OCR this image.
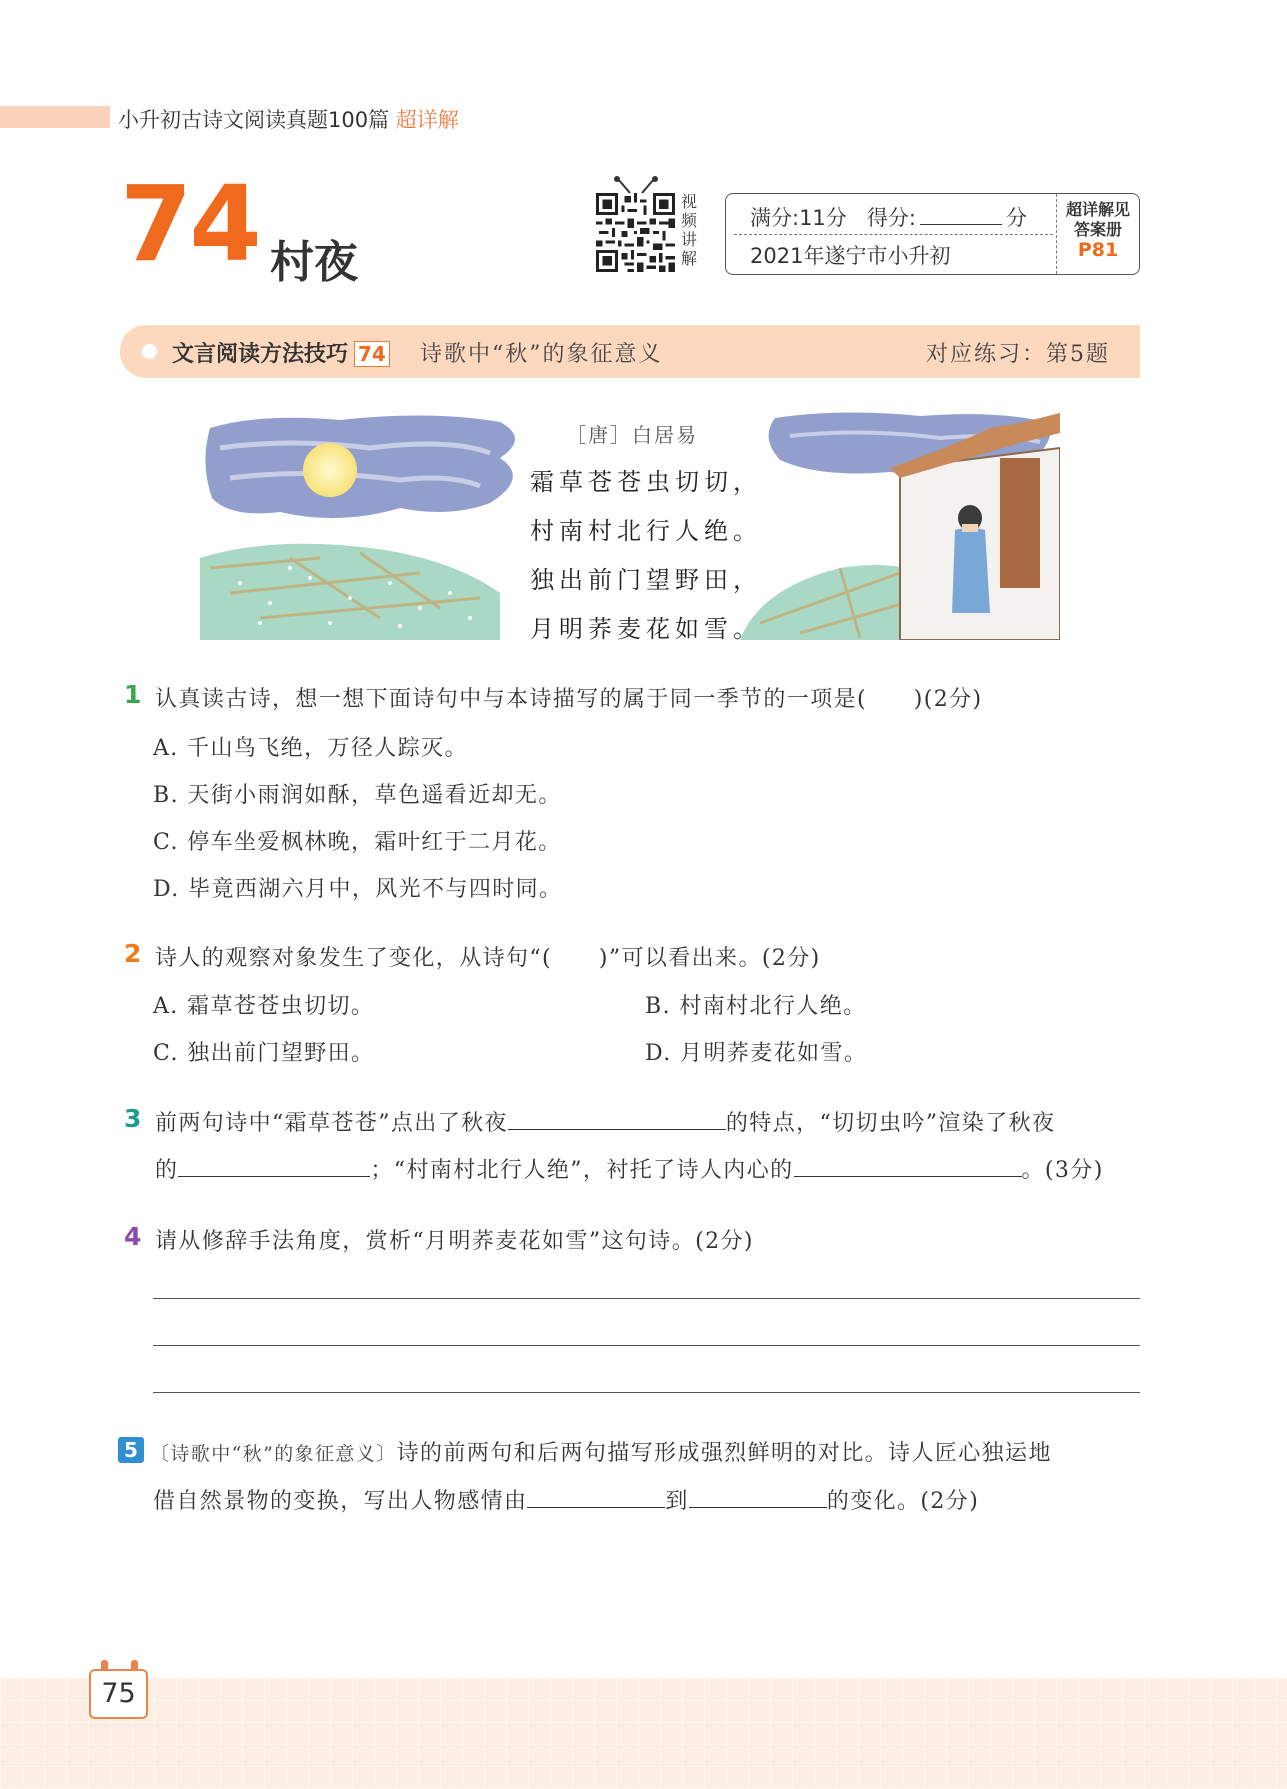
小升初古诗文阅读真题100篇 超详解
74 村夜
视
频
讲
解
满分:11分 得分:	分
2021年遂宁市小升初
超详解见
答案册
P81
文言阅读方法技巧 74	诗歌中“秋”的象征意义	对应练习：第5题
［唐］白居易
霜草苍苍虫切切，
村南村北行人绝。
独出前门望野田，
月明荞麦花如雪。
1 认真读古诗，想一想下面诗句中与本诗描写的属于同一季节的一项是(　　)(2分)
A. 千山鸟飞绝，万径人踪灭。
B. 天街小雨润如酥，草色遥看近却无。
C. 停车坐爱枫林晚，霜叶红于二月花。
D. 毕竟西湖六月中，风光不与四时同。
2 诗人的观察对象发生了变化，从诗句“(　　)”可以看出来。(2分)
A. 霜草苍苍虫切切。	B. 村南村北行人绝。
C. 独出前门望野田。	D. 月明荞麦花如雪。
3 前两句诗中“霜草苍苍”点出了秋夜	的特点，“切切虫吟”渲染了秋夜
的	；“村南村北行人绝”，衬托了诗人内心的	。(3分)
4 请从修辞手法角度，赏析“月明荞麦花如雪”这句诗。(2分)
5 〔诗歌中“秋”的象征意义〕诗的前两句和后两句描写形成强烈鲜明的对比。诗人匠心独运地
借自然景物的变换，写出人物感情由	到	的变化。(2分)
75
